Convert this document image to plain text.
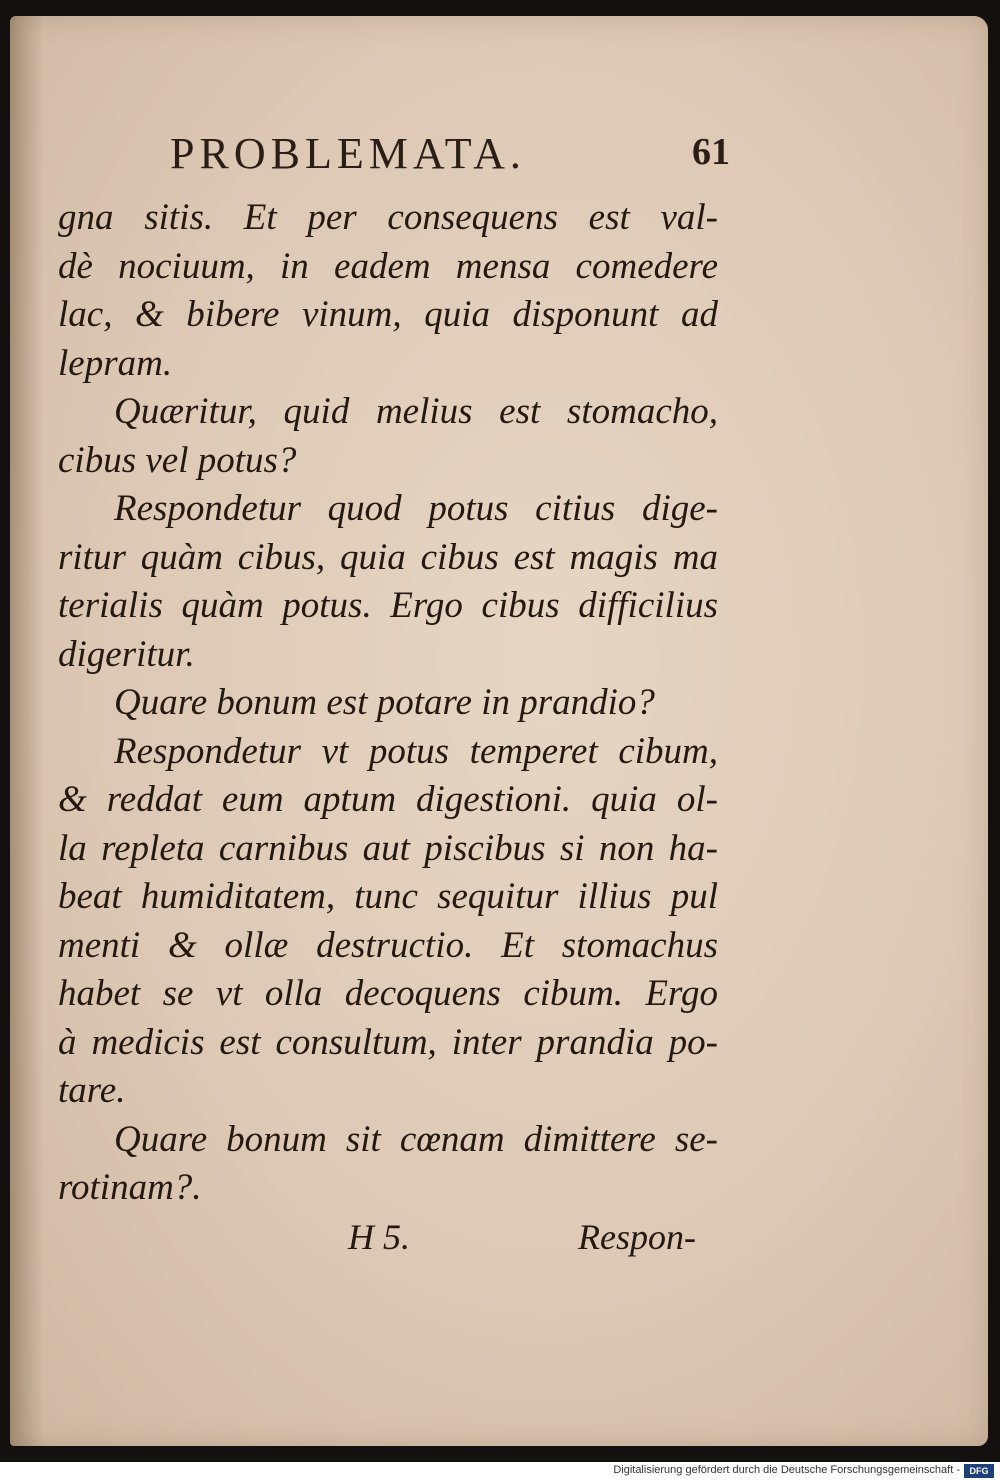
PROBLEMATA.	61
gna sitis. Et per consequens est val-
dè nociuum, in eadem mensa comedere
lac, & bibere vinum, quia disponunt ad
lepram.
Quæritur, quid melius est stomacho,
cibus vel potus?
Respondetur quod potus citius dige-
ritur quàm cibus, quia cibus est magis ma
terialis quàm potus. Ergo cibus difficilius
digeritur.
Quare bonum est potare in prandio?
Respondetur vt potus temperet cibum,
& reddat eum aptum digestioni. quia ol-
la repleta carnibus aut piscibus si non ha-
beat humiditatem, tunc sequitur illius pul
menti & ollæ destructio. Et stomachus
habet se vt olla decoquens cibum. Ergo
à medicis est consultum, inter prandia po-
tare.
Quare bonum sit cœnam dimittere se-
rotinam?.
H 5.	Respon-
Digitalisierung gefördert durch die Deutsche Forschungsgemeinschaft -	DFG
